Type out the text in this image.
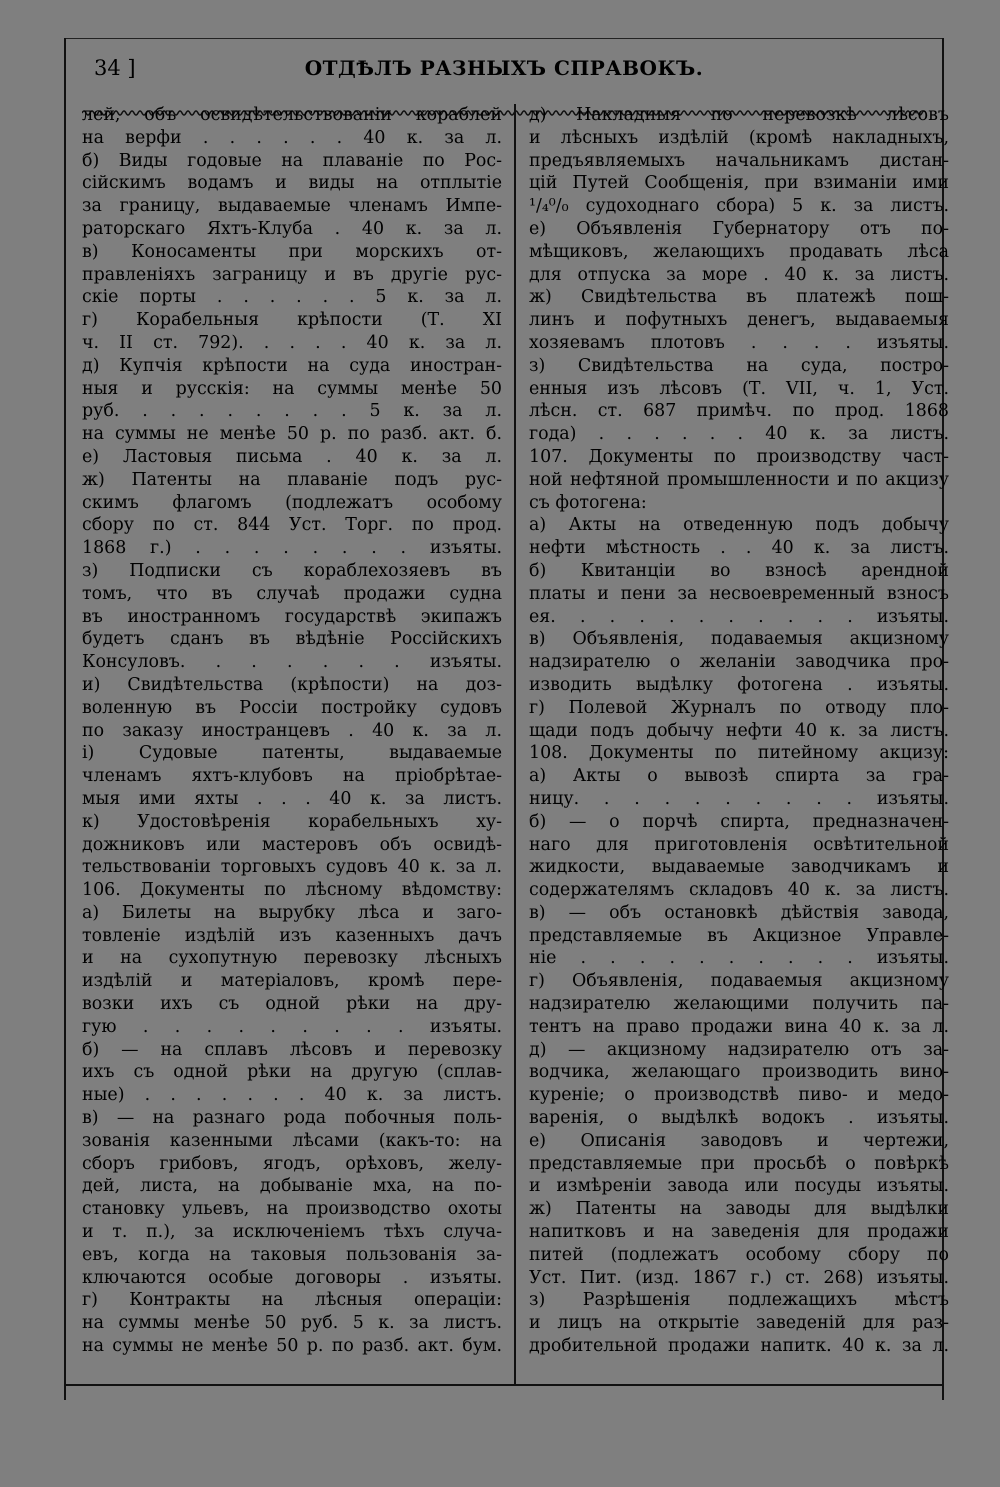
34 ]	ОТДѢЛЪ РАЗНЫХЪ СПРАВОКЪ.
лей, объ освидѣтельствованіи кораблей
на верфи . . . . . . 40 к. за л.
б) Виды годовые на плаваніе по Рос-
сійскимъ водамъ и виды на отплытіе
за границу, выдаваемые членамъ Импе-
раторскаго Яхтъ-Клуба . 40 к. за л.
в) Коносаменты при морскихъ от-
правленіяхъ заграницу и въ другіе рус-
скіе порты . . . . . . 5 к. за л.
г) Корабельныя крѣпости (Т. XI
ч. II ст. 792). . . . . 40 к. за л.
д) Купчія крѣпости на суда иностран-
ныя и русскія: на суммы менѣе 50
руб. . . . . . . . . 5 к. за л.
на суммы не менѣе 50 р. по разб. акт. б.
е) Ластовыя письма . 40 к. за л.
ж) Патенты на плаваніе подъ рус-
скимъ флагомъ (подлежатъ особому
сбору по ст. 844 Уст. Торг. по прод.
1868 г.) . . . . . . . . изъяты.
з) Подписки съ кораблехозяевъ въ
томъ, что въ случаѣ продажи судна
въ иностранномъ государствѣ экипажъ
будетъ сданъ въ вѣдѣніе Россійскихъ
Консуловъ. . . . . . . изъяты.
и) Свидѣтельства (крѣпости) на доз-
воленную въ Россіи постройку судовъ
по заказу иностранцевъ . 40 к. за л.
і) Судовые патенты, выдаваемые
членамъ яхтъ-клубовъ на пріобрѣтаe-
мыя ими яхты . . . 40 к. за листъ.
к) Удостовѣренія корабельныхъ ху-
дожниковъ или мастеровъ объ освидѣ-
тельствованіи торговыхъ судовъ 40 к. за л.
106. Документы по лѣсному вѣдомству:
а) Билеты на вырубку лѣса и заго-
товленіе издѣлій изъ казенныхъ дачъ
и на сухопутную перевозку лѣсныхъ
издѣлій и матеріаловъ, кромѣ пере-
возки ихъ съ одной рѣки на дру-
гую . . . . . . . . . изъяты.
б) — на сплавъ лѣсовъ и перевозку
ихъ съ одной рѣки на другую (сплав-
ные) . . . . . . . 40 к. за листъ.
в) — на разнаго рода побочныя поль-
зованія казенными лѣсами (какъ-то: на
сборъ грибовъ, ягодъ, орѣховъ, желу-
дей, листа, на добываніе мха, на по-
становку ульевъ, на производство охоты
и т. п.), за исключеніемъ тѣхъ случа-
евъ, когда на таковыя пользованія за-
ключаются особые договоры . изъяты.
г) Контракты на лѣсныя операціи:
на суммы менѣе 50 руб. 5 к. за листъ.
на суммы не менѣе 50 р. по разб. акт. бум.
д) Накладныя по перевозкѣ лѣсовъ
и лѣсныхъ издѣлій (кромѣ накладныхъ,
предъявляемыхъ начальникамъ дистан-
цій Путей Сообщенія, при взиманіи ими
¹/₄⁰/₀ судоходнаго сбора) 5 к. за листъ.
е) Объявленія Губернатору отъ по-
мѣщиковъ, желающихъ продавать лѣса
для отпуска за море . 40 к. за листъ.
ж) Свидѣтельства въ платежѣ пош-
линъ и пофутныхъ денегъ, выдаваемыя
хозяевамъ плотовъ . . . . изъяты.
з) Свидѣтельства на суда, постро-
енныя изъ лѣсовъ (Т. VII, ч. 1, Уст.
лѣсн. ст. 687 примѣч. по прод. 1868
года) . . . . . . 40 к. за листъ.
107. Документы по производству част-
ной нефтяной промышленности и по акцизу
съ фотогена:
а) Акты на отведенную подъ добычу
нефти мѣстность . . 40 к. за листъ.
б) Квитанціи во взносѣ арендной
платы и пени за несвоевременный взносъ
ея. . . . . . . . . . . изъяты.
в) Объявленія, подаваемыя акцизному
надзирателю о желаніи заводчика про-
изводить выдѣлку фотогена . изъяты.
г) Полевой Журналъ по отводу пло-
щади подъ добычу нефти 40 к. за листъ.
108. Документы по питейному акцизу:
а) Акты о вывозѣ спирта за гра-
ницу. . . . . . . . . . изъяты.
б) — о порчѣ спирта, предназначен-
наго для приготовленія освѣтительной
жидкости, выдаваемые заводчикамъ и
содержателямъ складовъ 40 к. за листъ.
в) — объ остановкѣ дѣйствія завода,
представляемые въ Акцизное Управле-
ніе . . . . . . . . . . изъяты.
г) Объявленія, подаваемыя акцизному
надзирателю желающими получить па-
тентъ на право продажи вина 40 к. за л.
д) — акцизному надзирателю отъ за-
водчика, желающаго производить вино-
куреніе; о производствѣ пиво- и медо-
варенія, о выдѣлкѣ водокъ . изъяты.
е) Описанія заводовъ и чертежи,
представляемые при просьбѣ о повѣркѣ
и измѣреніи завода или посуды изъяты.
ж) Патенты на заводы для выдѣлки
напитковъ и на заведенія для продажи
питей (подлежатъ особому сбору по
Уст. Пит. (изд. 1867 г.) ст. 268) изъяты.
з) Разрѣшенія подлежащихъ мѣстъ
и лицъ на открытіе заведеній для раз-
дробительной продажи напитк. 40 к. за л.
